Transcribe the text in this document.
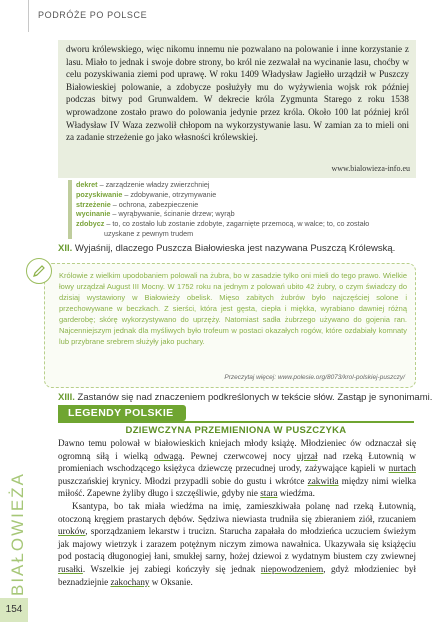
PODRÓŻE PO POLSCE
dworu królewskiego, więc nikomu innemu nie pozwalano na polowanie i inne korzystanie z lasu. Miało to jednak i swoje dobre strony, bo król nie zezwalał na wycinanie lasu, choćby w celu pozyskiwania ziemi pod uprawę. W roku 1409 Władysław Jagiełło urządził w Puszczy Białowieskiej polowanie, a zdobycze posłużyły mu do wyżywienia wojsk rok później podczas bitwy pod Grunwaldem. W dekrecie króla Zygmunta Starego z roku 1538 wprowadzone zostało prawo do polowania jedynie przez króla. Około 100 lat później król Władysław IV Waza zezwolił chłopom na wykorzystywanie lasu. W zamian za to mieli oni za zadanie strzeżenie go jako własności królewskiej.
www.bialowieza-info.eu
dekret – zarządzenie władzy zwierzchniej
pozyskiwanie – zdobywanie, otrzymywanie
strzeżenie – ochrona, zabezpieczenie
wycinanie – wyrąbywanie, ścinanie drzew; wyrąb
zdobycz – to, co zostało lub zostanie zdobyte, zagarnięte przemocą, w walce; to, co zostało
uzyskane z pewnym trudem
XII. Wyjaśnij, dlaczego Puszcza Białowieska jest nazywana Puszczą Królewską.
Królowie z wielkim upodobaniem polowali na żubra, bo w zasadzie tylko oni mieli do tego prawo. Wielkie łowy urządzał August III Mocny. W 1752 roku na jednym z polowań ubito 42 żubry, o czym świadczy do dzisiaj wystawiony w Białowieży obelisk. Mięso zabitych żubrów było najczęściej solone i przechowywane w beczkach. Z sierści, która jest gęsta, ciepła i miękka, wyrabiano dawniej różną garderobę; skórę wykorzystywano do uprzęży. Natomiast sadła żubrzego używano do gojenia ran. Najcenniejszym jednak dla myśliwych było trofeum w postaci okazałych rogów, które ozdabiały komnaty lub przybrane srebrem służyły jako puchary.
Przeczytaj więcej: www.polesie.org/8073/krol-polskiej-puszczy/
XIII. Zastanów się nad znaczeniem podkreślonych w tekście słów. Zastąp je synonimami.
LEGENDY POLSKIE
DZIEWCZYNA PRZEMIENIONA W PUSZCZYKA

Dawno temu polował w białowieskich kniejach młody książę. Młodzieniec ów odznaczał się ogromną siłą i wielką odwagą. Pewnej czerwcowej nocy ujrzał nad rzeką Łutownią w promieniach wschodzącego księżyca dziewczę przecudnej urody, zażywające kąpieli w nurtach puszczańskiej krynicy. Młodzi przypadli sobie do gustu i wkrótce zakwitła między nimi wielka miłość. Zapewne żyliby długo i szczęśliwie, gdyby nie stara wiedźma.

Ksantypa, bo tak miała wiedźma na imię, zamieszkiwała polanę nad rzeką Łutownią, otoczoną kręgiem prastarych dębów. Sędziwa niewiasta trudniła się zbieraniem ziół, rzucaniem uroków, sporządzaniem lekarstw i trucizn. Starucha zapałała do młodzieńca uczuciem świeżym jak majowy wietrzyk i zarazem potężnym niczym zimowa nawałnica. Ukazywała się książęciu pod postacią długonogiej łani, smukłej sarny, hożej dziewoi z wydatnym biustem czy zwiewnej rusałki. Wszelkie jej zabiegi kończyły się jednak niepowodzeniem, gdyż młodzieniec był beznadziejnie zakochany w Oksanie.

BIAŁOWIEŻA
154
